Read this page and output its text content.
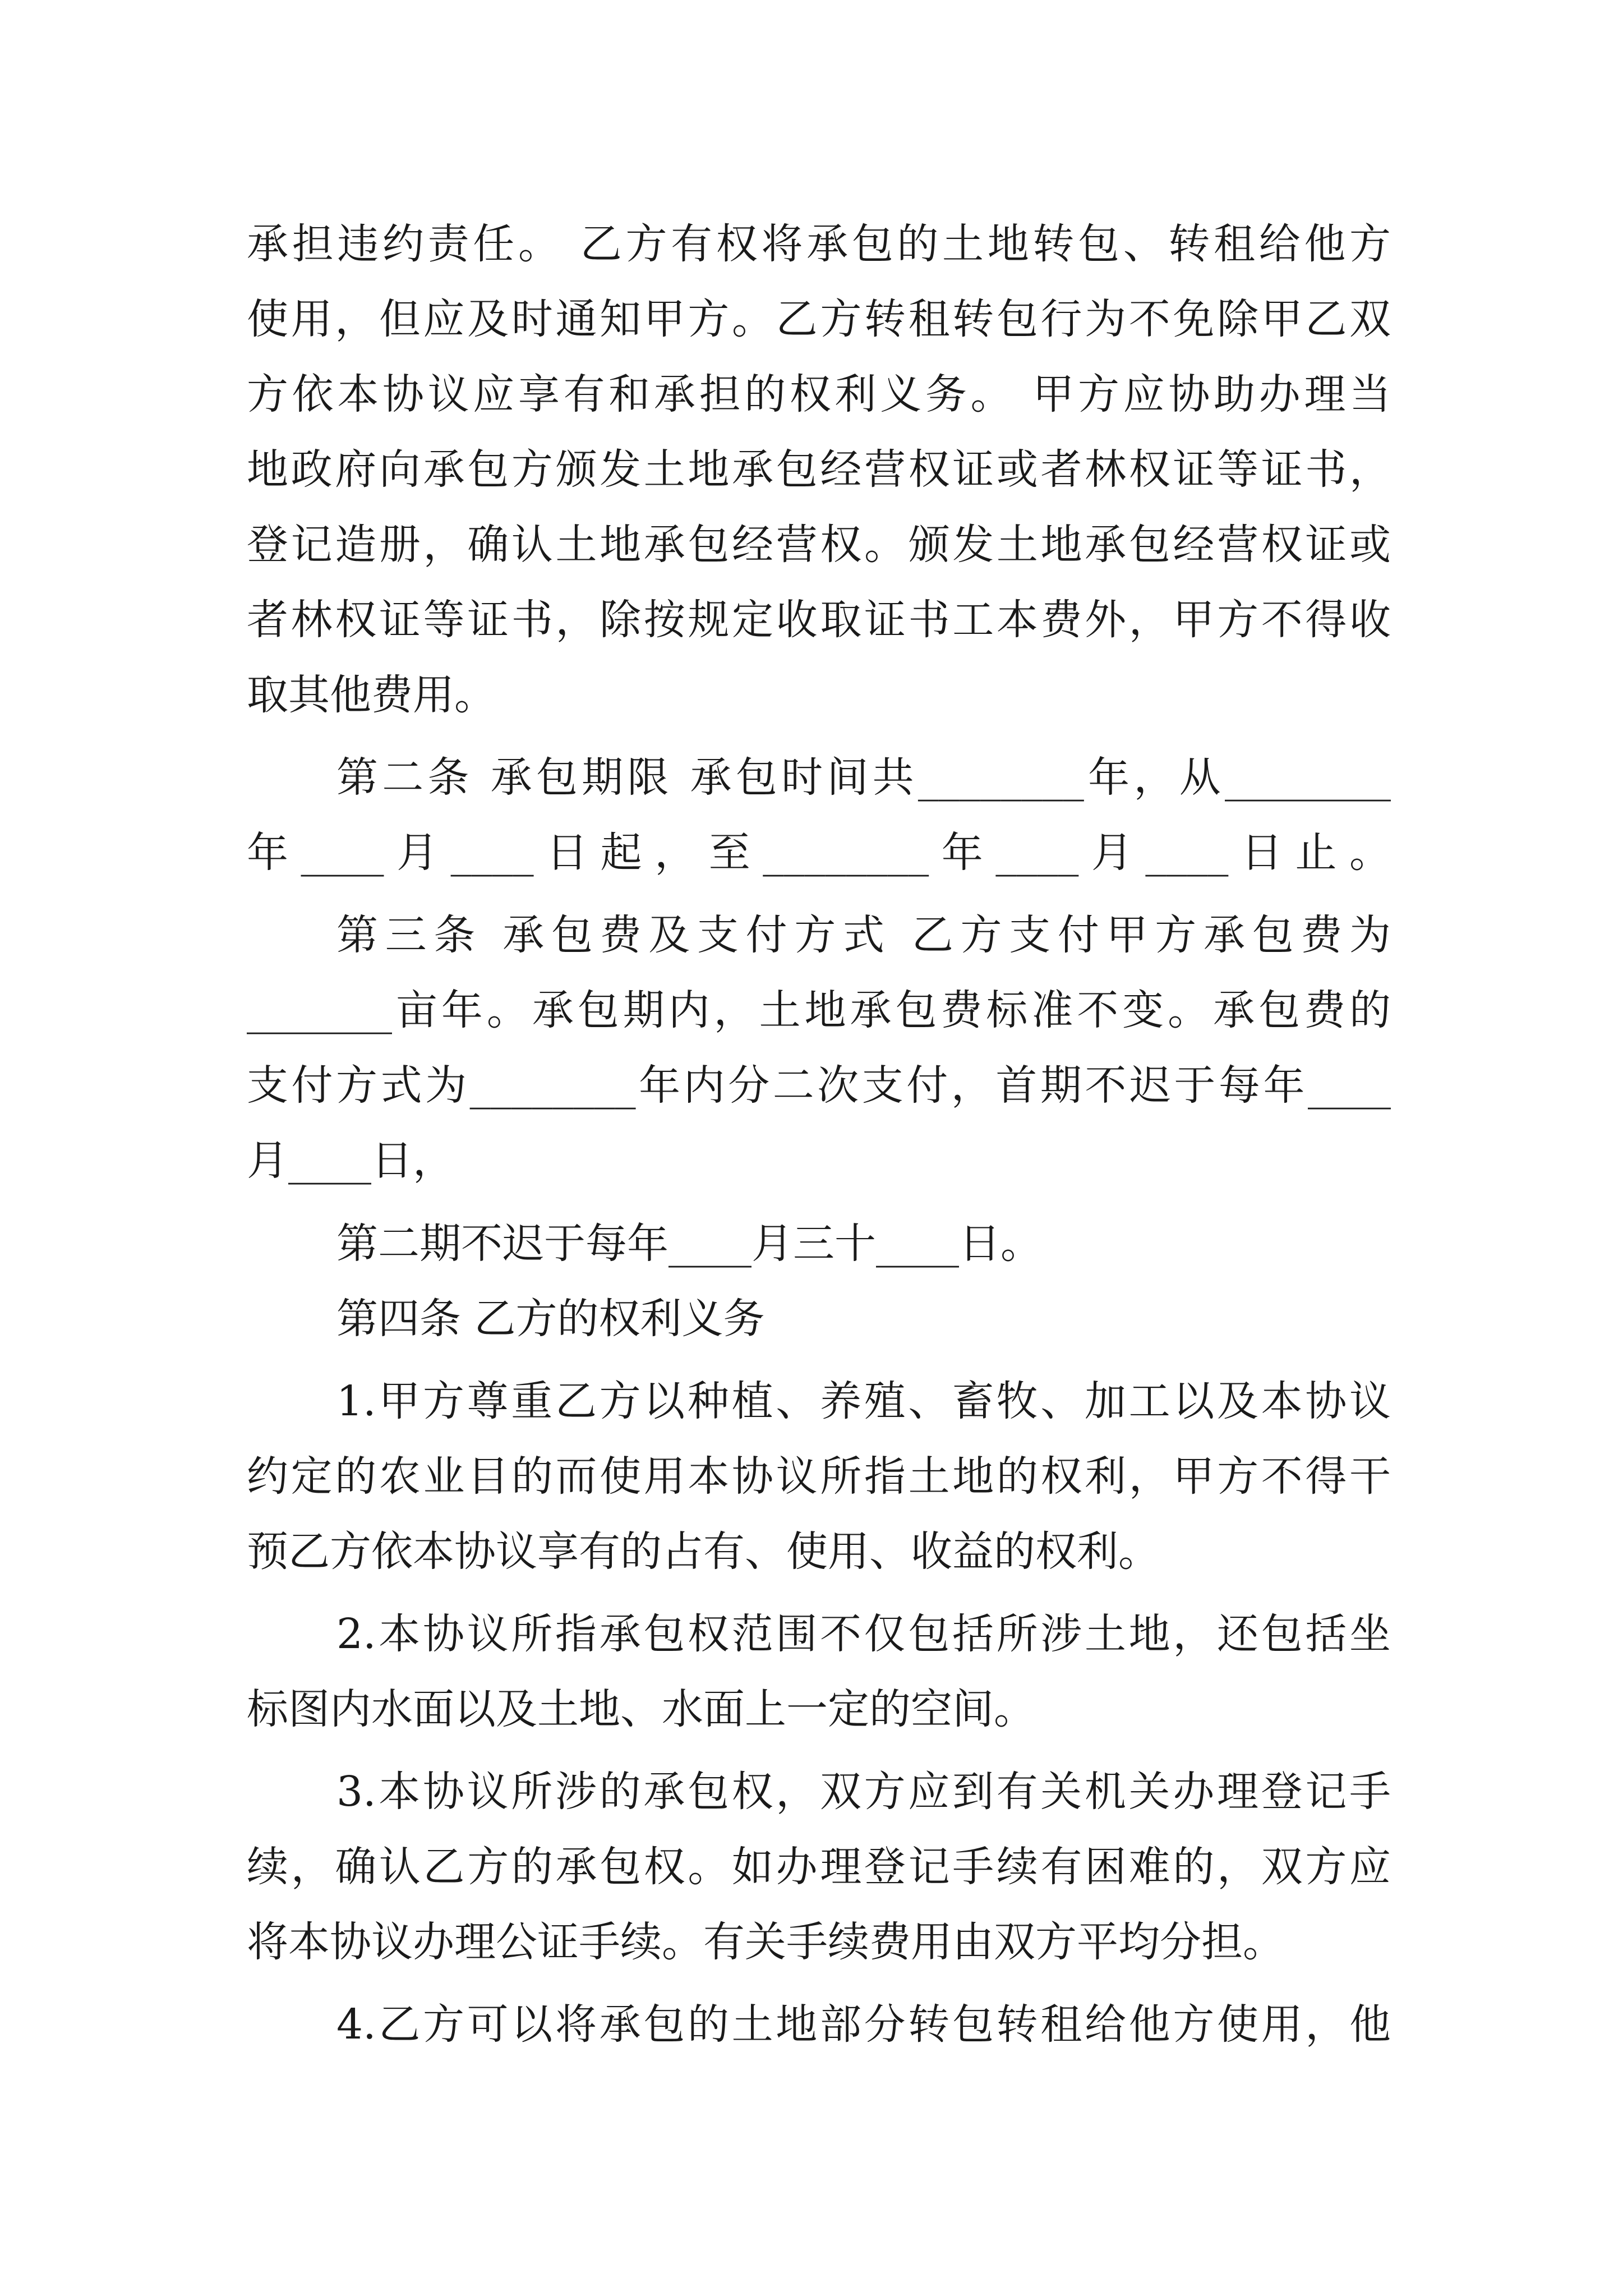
承担违约责任。 乙方有权将承包的土地转包、转租给他方
使用，但应及时通知甲方。乙方转租转包行为不免除甲乙双
方依本协议应享有和承担的权利义务。 甲方应协助办理当
地政府向承包方颁发土地承包经营权证或者林权证等证书，
登记造册，确认土地承包经营权。颁发土地承包经营权证或
者林权证等证书，除按规定收取证书工本费外，甲方不得收
取其他费用。
第二条 承包期限 承包时间共________年，从________
年____月____日起，至________年____月____日止。
第三条 承包费及支付方式 乙方支付甲方承包费为
_______亩年。承包期内，土地承包费标准不变。承包费的
支付方式为________年内分二次支付，首期不迟于每年____
月____日，
第二期不迟于每年____月三十____日。
第四条 乙方的权利义务
1.甲方尊重乙方以种植、养殖、畜牧、加工以及本协议
约定的农业目的而使用本协议所指土地的权利，甲方不得干
预乙方依本协议享有的占有、使用、收益的权利。
2.本协议所指承包权范围不仅包括所涉土地，还包括坐
标图内水面以及土地、水面上一定的空间。
3.本协议所涉的承包权，双方应到有关机关办理登记手
续，确认乙方的承包权。如办理登记手续有困难的，双方应
将本协议办理公证手续。有关手续费用由双方平均分担。
4.乙方可以将承包的土地部分转包转租给他方使用，他
